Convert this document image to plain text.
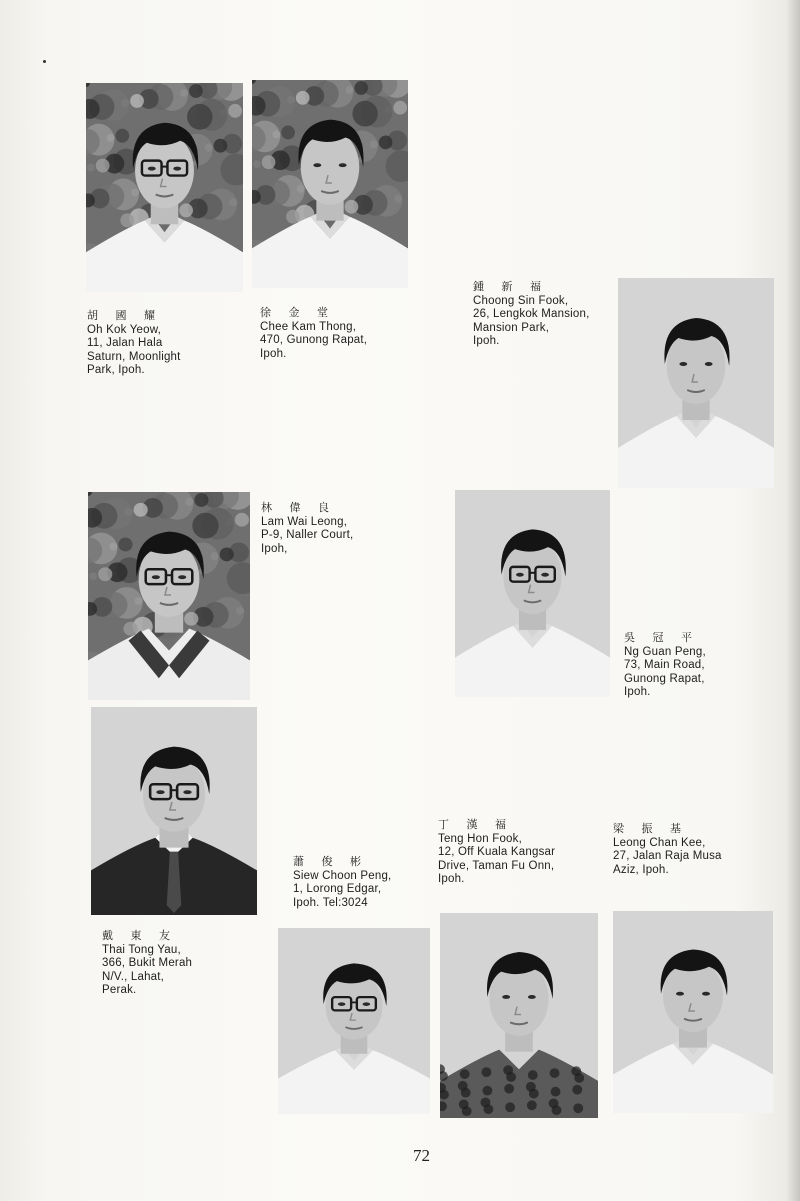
胡 國 耀
Oh Kok Yeow,
11, Jalan Hala
Saturn, Moonlight
Park, Ipoh.
徐 金 堂
Chee Kam Thong,
470, Gunong Rapat,
Ipoh.
鍾 新 福
Choong Sin Fook,
26, Lengkok Mansion,
Mansion Park,
Ipoh.
林 偉 良
Lam Wai Leong,
P-9, Naller Court,
Ipoh,
吳 冠 平
Ng Guan Peng,
73, Main Road,
Gunong Rapat,
Ipoh.
戴 東 友
Thai Tong Yau,
366, Bukit Merah
N/V., Lahat,
Perak.
蕭 俊 彬
Siew Choon Peng,
1, Lorong Edgar,
Ipoh. Tel:3024
丁 漢 福
Teng Hon Fook,
12, Off Kuala Kangsar
Drive, Taman Fu Onn,
Ipoh.
梁 振 基
Leong Chan Kee,
27, Jalan Raja Musa
Aziz, Ipoh.
72
